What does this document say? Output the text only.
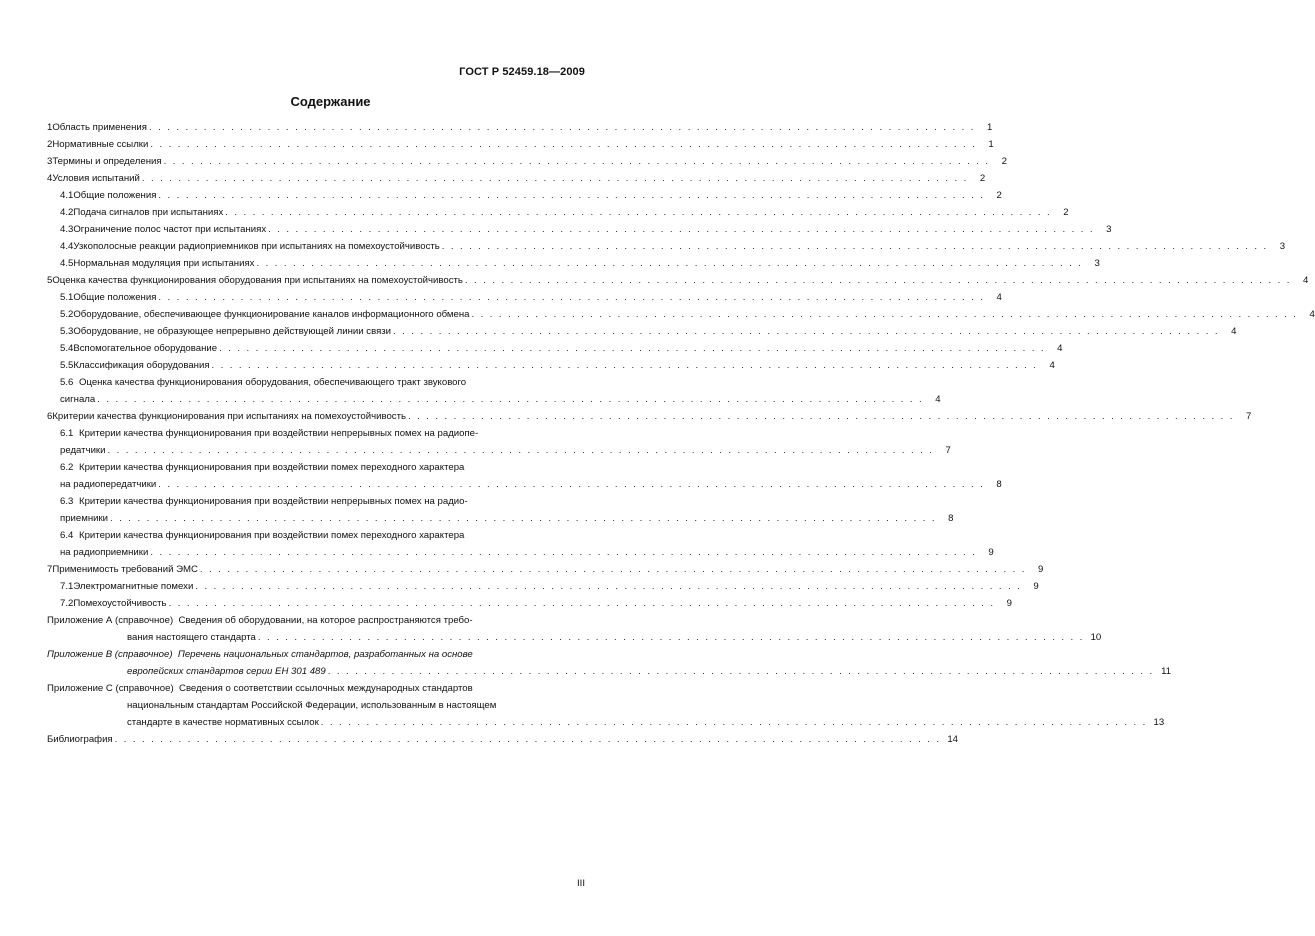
ГОСТ Р 52459.18—2009
Содержание
1 Область применения . . . . . . . . . . . . . . . . . . . . . . . . . . . . . . . . . . . . . . . . . . . . . . . . . . . . . . . . . . . . . . . . . . . . . . . . . . . . . . . . . . . . . . . . . . .	1
2 Нормативные ссылки . . . . . . . . . . . . . . . . . . . . . . . . . . . . . . . . . . . . . . . . . . . . . . . . . . . . . . . . . . . . . . . . . . . . . . . . . . . . . . . . . . . . . . . . . . .	1
3 Термины и определения . . . . . . . . . . . . . . . . . . . . . . . . . . . . . . . . . . . . . . . . . . . . . . . . . . . . . . . . . . . . . . . . . . . . . . . . . . . . . . . . . . . . . . . . . . .	2
4 Условия испытаний . . . . . . . . . . . . . . . . . . . . . . . . . . . . . . . . . . . . . . . . . . . . . . . . . . . . . . . . . . . . . . . . . . . . . . . . . . . . . . . . . . . . . . . . . . .	2
4.1 Общие положения . . . . . . . . . . . . . . . . . . . . . . . . . . . . . . . . . . . . . . . . . . . . . . . . . . . . . . . . . . . . . . . . . . . . . . . . . . . . . . . . . . . . . . . . . . .	2
4.2 Подача сигналов при испытаниях . . . . . . . . . . . . . . . . . . . . . . . . . . . . . . . . . . . . . . . . . . . . . . . . . . . . . . . . . . . . . . . . . . . . . . . . . . . . . . . . . . . . . . . . . . .	2
4.3 Ограничение полос частот при испытаниях . . . . . . . . . . . . . . . . . . . . . . . . . . . . . . . . . . . . . . . . . . . . . . . . . . . . . . . . . . . . . . . . . . . . . . . . . . . . . . . . . . . . . . . . . . .	3
4.4 Узкополосные реакции радиоприемников при испытаниях на помехоустойчивость . . . . . . . . . . . . . . . . . . . . . . . . . . . . . . . . . . . . . . . . . . . . . . . . . . . . . . . . . . . . . . . . . . . . . . . . . . . . . . . . . . . . . . . . . . .	3
4.5 Нормальная модуляция при испытаниях . . . . . . . . . . . . . . . . . . . . . . . . . . . . . . . . . . . . . . . . . . . . . . . . . . . . . . . . . . . . . . . . . . . . . . . . . . . . . . . . . . . . . . . . . . .	3
5 Оценка качества функционирования оборудования при испытаниях на помехоустойчивость . . . . . . . . . . . . . . . . . . . . . . . . . . . . . . . . . . . . . . . . . . . . . . . . . . . . . . . . . . . . . . . . . . . . . . . . . . . . . . . . . . . . . . . . . . .	4
5.1 Общие положения . . . . . . . . . . . . . . . . . . . . . . . . . . . . . . . . . . . . . . . . . . . . . . . . . . . . . . . . . . . . . . . . . . . . . . . . . . . . . . . . . . . . . . . . . . .	4
5.2 Оборудование, обеспечивающее функционирование каналов информационного обмена . . . . . . . . . . . . . . . . . . . . . . . . . . . . . . . . . . . . . . . . . . . . . . . . . . . . . . . . . . . . . . . . . . . . . . . . . . . . . . . . . . . . . . . . . . .	4
5.3 Оборудование, не образующее непрерывно действующей линии связи . . . . . . . . . . . . . . . . . . . . . . . . . . . . . . . . . . . . . . . . . . . . . . . . . . . . . . . . . . . . . . . . . . . . . . . . . . . . . . . . . . . . . . . . . . .	4
5.4 Вспомогательное оборудование . . . . . . . . . . . . . . . . . . . . . . . . . . . . . . . . . . . . . . . . . . . . . . . . . . . . . . . . . . . . . . . . . . . . . . . . . . . . . . . . . . . . . . . . . . .	4
5.5 Классификация оборудования . . . . . . . . . . . . . . . . . . . . . . . . . . . . . . . . . . . . . . . . . . . . . . . . . . . . . . . . . . . . . . . . . . . . . . . . . . . . . . . . . . . . . . . . . . .	4
5.6 Оценка качества функционирования оборудования, обеспечивающего тракт звукового
сигнала . . . . . . . . . . . . . . . . . . . . . . . . . . . . . . . . . . . . . . . . . . . . . . . . . . . . . . . . . . . . . . . . . . . . . . . . . . . . . . . . . . . . . . . . . . .	4
6 Критерии качества функционирования при испытаниях на помехоустойчивость . . . . . . . . . . . . . . . . . . . . . . . . . . . . . . . . . . . . . . . . . . . . . . . . . . . . . . . . . . . . . . . . . . . . . . . . . . . . . . . . . . . . . . . . . . .	7
6.1 Критерии качества функционирования при воздействии непрерывных помех на радиопе-
редатчики . . . . . . . . . . . . . . . . . . . . . . . . . . . . . . . . . . . . . . . . . . . . . . . . . . . . . . . . . . . . . . . . . . . . . . . . . . . . . . . . . . . . . . . . . . .	7
6.2 Критерии качества функционирования при воздействии помех переходного характера
на радиопередатчики . . . . . . . . . . . . . . . . . . . . . . . . . . . . . . . . . . . . . . . . . . . . . . . . . . . . . . . . . . . . . . . . . . . . . . . . . . . . . . . . . . . . . . . . . . .	8
6.3 Критерии качества функционирования при воздействии непрерывных помех на радио-
приемники . . . . . . . . . . . . . . . . . . . . . . . . . . . . . . . . . . . . . . . . . . . . . . . . . . . . . . . . . . . . . . . . . . . . . . . . . . . . . . . . . . . . . . . . . . .	8
6.4 Критерии качества функционирования при воздействии помех переходного характера
на радиоприемники . . . . . . . . . . . . . . . . . . . . . . . . . . . . . . . . . . . . . . . . . . . . . . . . . . . . . . . . . . . . . . . . . . . . . . . . . . . . . . . . . . . . . . . . . . .	9
7 Применимость требований ЭМС . . . . . . . . . . . . . . . . . . . . . . . . . . . . . . . . . . . . . . . . . . . . . . . . . . . . . . . . . . . . . . . . . . . . . . . . . . . . . . . . . . . . . . . . . . .	9
7.1 Электромагнитные помехи . . . . . . . . . . . . . . . . . . . . . . . . . . . . . . . . . . . . . . . . . . . . . . . . . . . . . . . . . . . . . . . . . . . . . . . . . . . . . . . . . . . . . . . . . . .	9
7.2 Помехоустойчивость . . . . . . . . . . . . . . . . . . . . . . . . . . . . . . . . . . . . . . . . . . . . . . . . . . . . . . . . . . . . . . . . . . . . . . . . . . . . . . . . . . . . . . . . . . .	9
Приложение А (справочное)
Сведения об оборудовании, на которое распространяются требо-
вания настоящего стандарта . . . . . . . . . . . . . . . . . . . . . . . . . . . . . . . . . . . . . . . . . . . . . . . . . . . . . . . . . . . . . . . . . . . . . . . . . . . . . . . . . . . . . . . . . . . 10
Приложение В (справочное)
Перечень национальных стандартов, разработанных на основе
европейских стандартов серии ЕН 301 489 . . . . . . . . . . . . . . . . . . . . . . . . . . . . . . . . . . . . . . . . . . . . . . . . . . . . . . . . . . . . . . . . . . . . . . . . . . . . . . . . . . . . . . . . . . . 11
Приложение С (справочное)
Сведения о соответствии ссылочных международных стандартов
национальным стандартам Российской Федерации, использованным в настоящем
стандарте в качестве нормативных ссылок . . . . . . . . . . . . . . . . . . . . . . . . . . . . . . . . . . . . . . . . . . . . . . . . . . . . . . . . . . . . . . . . . . . . . . . . . . . . . . . . . . . . . . . . . . . 13
Библиография . . . . . . . . . . . . . . . . . . . . . . . . . . . . . . . . . . . . . . . . . . . . . . . . . . . . . . . . . . . . . . . . . . . . . . . . . . . . . . . . . . . . . . . . . . . 14
III
